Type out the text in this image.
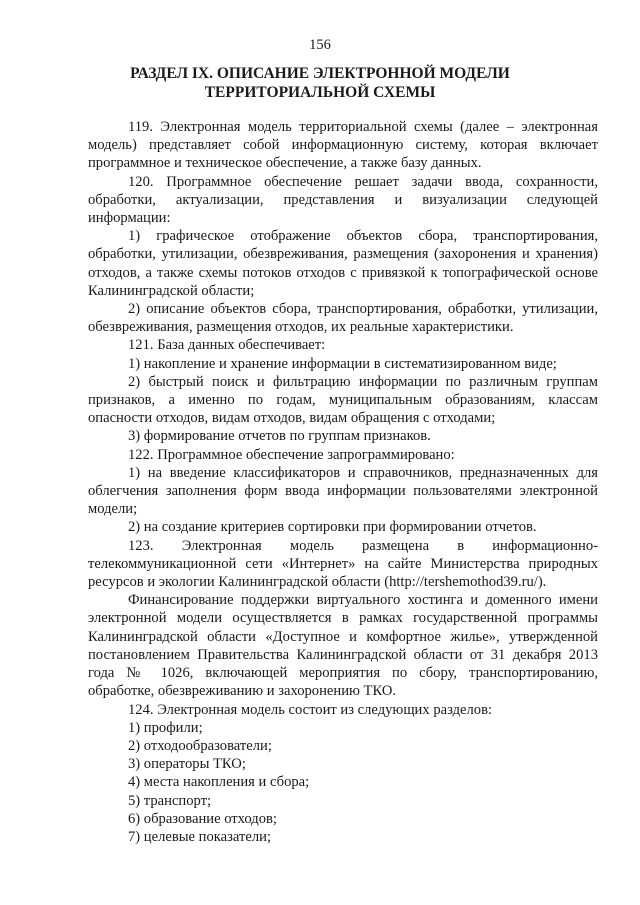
156
РАЗДЕЛ IX. ОПИСАНИЕ ЭЛЕКТРОННОЙ МОДЕЛИ
ТЕРРИТОРИАЛЬНОЙ СХЕМЫ

119. Электронная модель территориальной схемы (далее – электронная модель) представляет собой информационную систему, которая включает программное и техническое обеспечение, а также базу данных.

120. Программное обеспечение решает задачи ввода, сохранности, обработки, актуализации, представления и визуализации следующей информации:

1) графическое отображение объектов сбора, транспортирования, обработки, утилизации, обезвреживания, размещения (захоронения и хранения) отходов, а также схемы потоков отходов с привязкой к топографической основе Калининградской области;

2) описание объектов сбора, транспортирования, обработки, утилизации, обезвреживания, размещения отходов, их реальные характеристики.

121. База данных обеспечивает:

1) накопление и хранение информации в систематизированном виде;

2) быстрый поиск и фильтрацию информации по различным группам признаков, а именно по годам, муниципальным образованиям, классам опасности отходов, видам отходов, видам обращения с отходами;

3) формирование отчетов по группам признаков.

122. Программное обеспечение запрограммировано:

1) на введение классификаторов и справочников, предназначенных для облегчения заполнения форм ввода информации пользователями электронной модели;

2) на создание критериев сортировки при формировании отчетов.

123. Электронная модель размещена в информационно-телекоммуникационной сети «Интернет» на сайте Министерства природных ресурсов и экологии Калининградской области (http://tershemothod39.ru/).

Финансирование поддержки виртуального хостинга и доменного имени электронной модели осуществляется в рамках государственной программы Калининградской области «Доступное и комфортное жилье», утвержденной постановлением Правительства Калининградской области от 31 декабря 2013 года № 1026, включающей мероприятия по сбору, транспортированию, обработке, обезвреживанию и захоронению ТКО.

124. Электронная модель состоит из следующих разделов:

1) профили;

2) отходообразователи;

3) операторы ТКО;

4) места накопления и сбора;

5) транспорт;

6) образование отходов;

7) целевые показатели;
